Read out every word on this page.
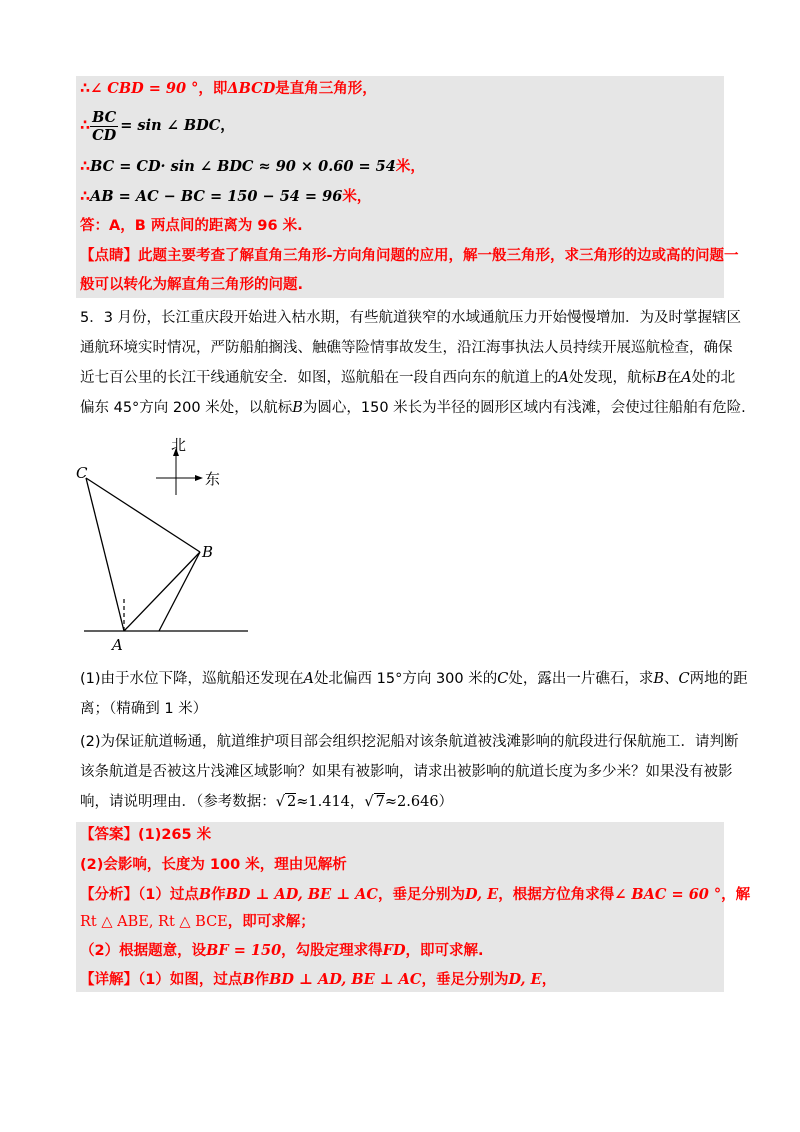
∴∠ CBD = 90 °，即ΔBCD是直角三角形，
∴ $\frac{BC}{CD} = \sin$ ∠ BDC，
∴BC = CD· sin ∠ BDC ≈ 90 × 0.60 = 54米，
∴AB = AC − BC = 150 − 54 = 96米，
答：A，B 两点间的距离为 96 米.
【点睛】此题主要考查了解直角三角形-方向角问题的应用，解一般三角形，求三角形的边或高的问题一
般可以转化为解直角三角形的问题.
5．3 月份，长江重庆段开始进入枯水期，有些航道狭窄的水域通航压力开始慢慢增加．为及时掌握辖区
通航环境实时情况，严防船舶搁浅、触礁等险情事故发生，沿江海事执法人员持续开展巡航检查，确保
近七百公里的长江干线通航安全．如图，巡航船在一段自西向东的航道上的A处发现，航标B在A处的北
偏东 45°方向 200 米处，以航标B为圆心，150 米长为半径的圆形区域内有浅滩，会使过往船舶有危险.
北
东
C
B
A
(1)由于水位下降，巡航船还发现在A处北偏西 15°方向 300 米的C处，露出一片礁石，求B、C两地的距
离；（精确到 1 米）
(2)为保证航道畅通，航道维护项目部会组织挖泥船对该条航道被浅滩影响的航段进行保航施工．请判断
该条航道是否被这片浅滩区域影响？如果有被影响，请求出被影响的航道长度为多少米？如果没有被影
响，请说明理由．（参考数据：√ 2≈1.414，√ 7≈2.646）
【答案】(1)265 米
(2)会影响，长度为 100 米，理由见解析
【分析】（1）过点B作BD ⊥ AD, BE ⊥ AC，垂足分别为D, E，根据方位角求得∠ BAC = 60 °，解
Rt △ ABE, Rt △ BCE，即可求解；
（2）根据题意，设BF = 150，勾股定理求得FD，即可求解.
【详解】（1）如图，过点B作BD ⊥ AD, BE ⊥ AC，垂足分别为D, E，
